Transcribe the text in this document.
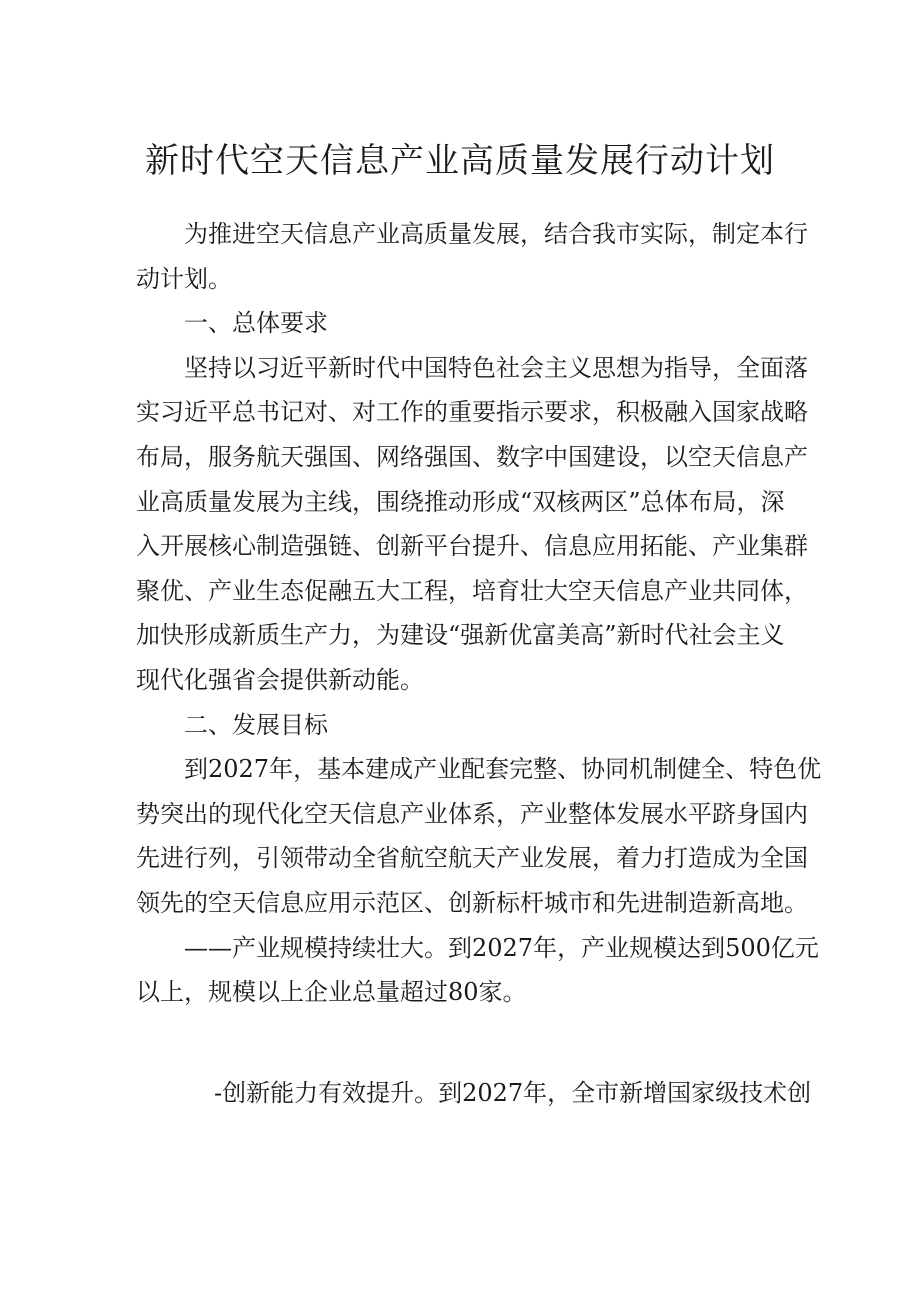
新时代空天信息产业高质量发展行动计划
为推进空天信息产业高质量发展，结合我市实际，制定本行
动计划。
一、总体要求
坚持以习近平新时代中国特色社会主义思想为指导，全面落
实习近平总书记对、对工作的重要指示要求，积极融入国家战略
布局，服务航天强国、网络强国、数字中国建设，以空天信息产
业高质量发展为主线，围绕推动形成“双核两区”总体布局，深
入开展核心制造强链、创新平台提升、信息应用拓能、产业集群
聚优、产业生态促融五大工程，培育壮大空天信息产业共同体，
加快形成新质生产力，为建设“强新优富美高”新时代社会主义
现代化强省会提供新动能。
二、发展目标
到2027年，基本建成产业配套完整、协同机制健全、特色优
势突出的现代化空天信息产业体系，产业整体发展水平跻身国内
先进行列，引领带动全省航空航天产业发展，着力打造成为全国
领先的空天信息应用示范区、创新标杆城市和先进制造新高地。
——产业规模持续壮大。到2027年，产业规模达到500亿元
以上，规模以上企业总量超过80家。
-创新能力有效提升。到2027年，全市新增国家级技术创
